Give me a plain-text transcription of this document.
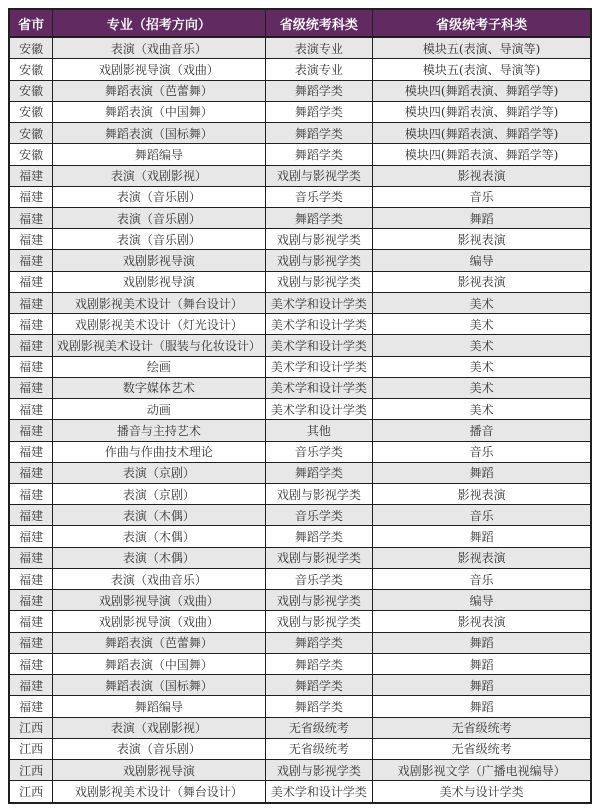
省市	专业（招考方向）	省级统考科类	省级统考子科类
安徽	表演（戏曲音乐）	表演专业	模块五(表演、导演等)
安徽	戏剧影视导演（戏曲）	表演专业	模块五(表演、导演等)
安徽	舞蹈表演（芭蕾舞）	舞蹈学类	模块四(舞蹈表演、舞蹈学等)
安徽	舞蹈表演（中国舞）	舞蹈学类	模块四(舞蹈表演、舞蹈学等)
安徽	舞蹈表演（国标舞）	舞蹈学类	模块四(舞蹈表演、舞蹈学等)
安徽	舞蹈编导	舞蹈学类	模块四(舞蹈表演、舞蹈学等)
福建	表演（戏剧影视）	戏剧与影视学类	影视表演
福建	表演（音乐剧）	音乐学类	音乐
福建	表演（音乐剧）	舞蹈学类	舞蹈
福建	表演（音乐剧）	戏剧与影视学类	影视表演
福建	戏剧影视导演	戏剧与影视学类	编导
福建	戏剧影视导演	戏剧与影视学类	影视表演
福建	戏剧影视美术设计（舞台设计）	美术学和设计学类	美术
福建	戏剧影视美术设计（灯光设计）	美术学和设计学类	美术
福建	戏剧影视美术设计（服装与化妆设计）	美术学和设计学类	美术
福建	绘画	美术学和设计学类	美术
福建	数字媒体艺术	美术学和设计学类	美术
福建	动画	美术学和设计学类	美术
福建	播音与主持艺术	其他	播音
福建	作曲与作曲技术理论	音乐学类	音乐
福建	表演（京剧）	舞蹈学类	舞蹈
福建	表演（京剧）	戏剧与影视学类	影视表演
福建	表演（木偶）	音乐学类	音乐
福建	表演（木偶）	舞蹈学类	舞蹈
福建	表演（木偶）	戏剧与影视学类	影视表演
福建	表演（戏曲音乐）	音乐学类	音乐
福建	戏剧影视导演（戏曲）	戏剧与影视学类	编导
福建	戏剧影视导演（戏曲）	戏剧与影视学类	影视表演
福建	舞蹈表演（芭蕾舞）	舞蹈学类	舞蹈
福建	舞蹈表演（中国舞）	舞蹈学类	舞蹈
福建	舞蹈表演（国标舞）	舞蹈学类	舞蹈
福建	舞蹈编导	舞蹈学类	舞蹈
江西	表演（戏剧影视）	无省级统考	无省级统考
江西	表演（音乐剧）	无省级统考	无省级统考
江西	戏剧影视导演	戏剧与影视学类	戏剧影视文学（广播电视编导）
江西	戏剧影视美术设计（舞台设计）	美术学和设计学类	美术与设计学类
